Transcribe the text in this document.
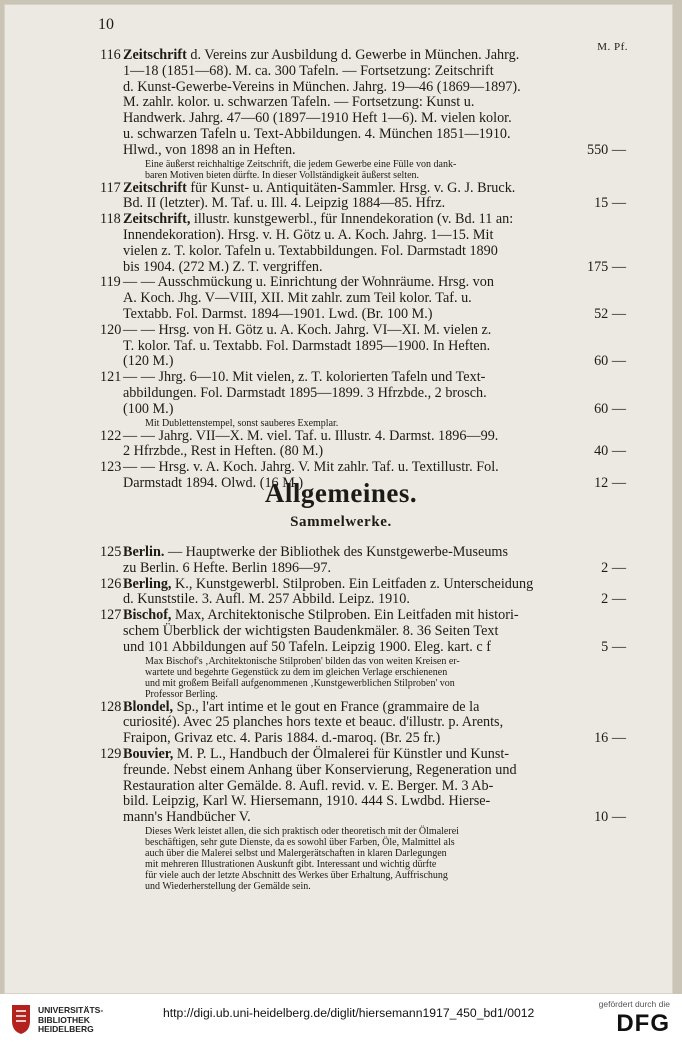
10
M. Pf.
116 Zeitschrift d. Vereins zur Ausbildung d. Gewerbe in München. Jahrg.
1—18 (1851—68). M. ca. 300 Tafeln. — Fortsetzung: Zeitschrift
d. Kunst-Gewerbe-Vereins in München. Jahrg. 19—46 (1869—1897).
M. zahlr. kolor. u. schwarzen Tafeln. — Fortsetzung: Kunst u.
Handwerk. Jahrg. 47—60 (1897—1910 Heft 1—6). M. vielen kolor.
u. schwarzen Tafeln u. Text-Abbildungen. 4. München 1851—1910.
Hlwd., von 1898 an in Heften.	550 —
Eine äußerst reichhaltige Zeitschrift, die jedem Gewerbe eine Fülle von dank-
baren Motiven bieten dürfte. In dieser Vollständigkeit äußerst selten.
117 Zeitschrift für Kunst- u. Antiquitäten-Sammler. Hrsg. v. G. J. Bruck.
Bd. II (letzter). M. Taf. u. Ill. 4. Leipzig 1884—85. Hfrz.	15 —
118 Zeitschrift, illustr. kunstgewerbl., für Innendekoration (v. Bd. 11 an:
Innendekoration). Hrsg. v. H. Götz u. A. Koch. Jahrg. 1—15. Mit
vielen z. T. kolor. Tafeln u. Textabbildungen. Fol. Darmstadt 1890
bis 1904. (272 M.) Z. T. vergriffen.	175 —
119 — — Ausschmückung u. Einrichtung der Wohnräume. Hrsg. von
A. Koch. Jhg. V—VIII, XII. Mit zahlr. zum Teil kolor. Taf. u.
Textabb. Fol. Darmst. 1894—1901. Lwd. (Br. 100 M.)	52 —
120 — — Hrsg. von H. Götz u. A. Koch. Jahrg. VI—XI. M. vielen z.
T. kolor. Taf. u. Textabb. Fol. Darmstadt 1895—1900. In Heften.
(120 M.)	60 —
121 — — Jhrg. 6—10. Mit vielen, z. T. kolorierten Tafeln und Text-
abbildungen. Fol. Darmstadt 1895—1899. 3 Hfrzbde., 2 brosch.
(100 M.)	60 —
Mit Dublettenstempel, sonst sauberes Exemplar.
122 — — Jahrg. VII—X. M. viel. Taf. u. Illustr. 4. Darmst. 1896—99.
2 Hfrzbde., Rest in Heften. (80 M.)	40 —
123 — — Hrsg. v. A. Koch. Jahrg. V. Mit zahlr. Taf. u. Textillustr. Fol.
Darmstadt 1894. Olwd. (16 M.)	12 —
Allgemeines.
Sammelwerke.
125 Berlin. — Hauptwerke der Bibliothek des Kunstgewerbe-Museums
zu Berlin. 6 Hefte. Berlin 1896—97.	2 —
126 Berling, K., Kunstgewerbl. Stilproben. Ein Leitfaden z. Unterscheidung
d. Kunststile. 3. Aufl. M. 257 Abbild. Leipz. 1910.	2 —
127 Bischof, Max, Architektonische Stilproben. Ein Leitfaden mit histori-
schem Überblick der wichtigsten Baudenkmäler. 8. 36 Seiten Text
und 101 Abbildungen auf 50 Tafeln. Leipzig 1900. Eleg. kart. c f	5 —
Max Bischof's ‚Architektonische Stilproben' bilden das von weiten Kreisen er-
wartete und begehrte Gegenstück zu dem im gleichen Verlage erschienenen
und mit großem Beifall aufgenommenen ‚Kunstgewerblichen Stilproben' von
Professor Berling.
128 Blondel, Sp., l'art intime et le gout en France (grammaire de la
curiosité). Avec 25 planches hors texte et beauc. d'illustr. p. Arents,
Fraipon, Grivaz etc. 4. Paris 1884. d.-maroq. (Br. 25 fr.)	16 —
129 Bouvier, M. P. L., Handbuch der Ölmalerei für Künstler und Kunst-
freunde. Nebst einem Anhang über Konservierung, Regeneration und
Restauration alter Gemälde. 8. Aufl. revid. v. E. Berger. M. 3 Ab-
bild. Leipzig, Karl W. Hiersemann, 1910. 444 S. Lwdbd. Hierse-
mann's Handbücher V.	10 —
Dieses Werk leistet allen, die sich praktisch oder theoretisch mit der Ölmalerei
beschäftigen, sehr gute Dienste, da es sowohl über Farben, Öle, Malmittel als
auch über die Malerei selbst und Malergerätschaften in klaren Darlegungen
mit mehreren Illustrationen Auskunft gibt. Interessant und wichtig dürfte
für viele auch der letzte Abschnitt des Werkes über Erhaltung, Auffrischung
und Wiederherstellung der Gemälde sein.
UNIVERSITÄTS-
BIBLIOTHEK
HEIDELBERG
http://digi.ub.uni-heidelberg.de/diglit/hiersemann1917_450_bd1/0012
gefördert durch die
DFG
